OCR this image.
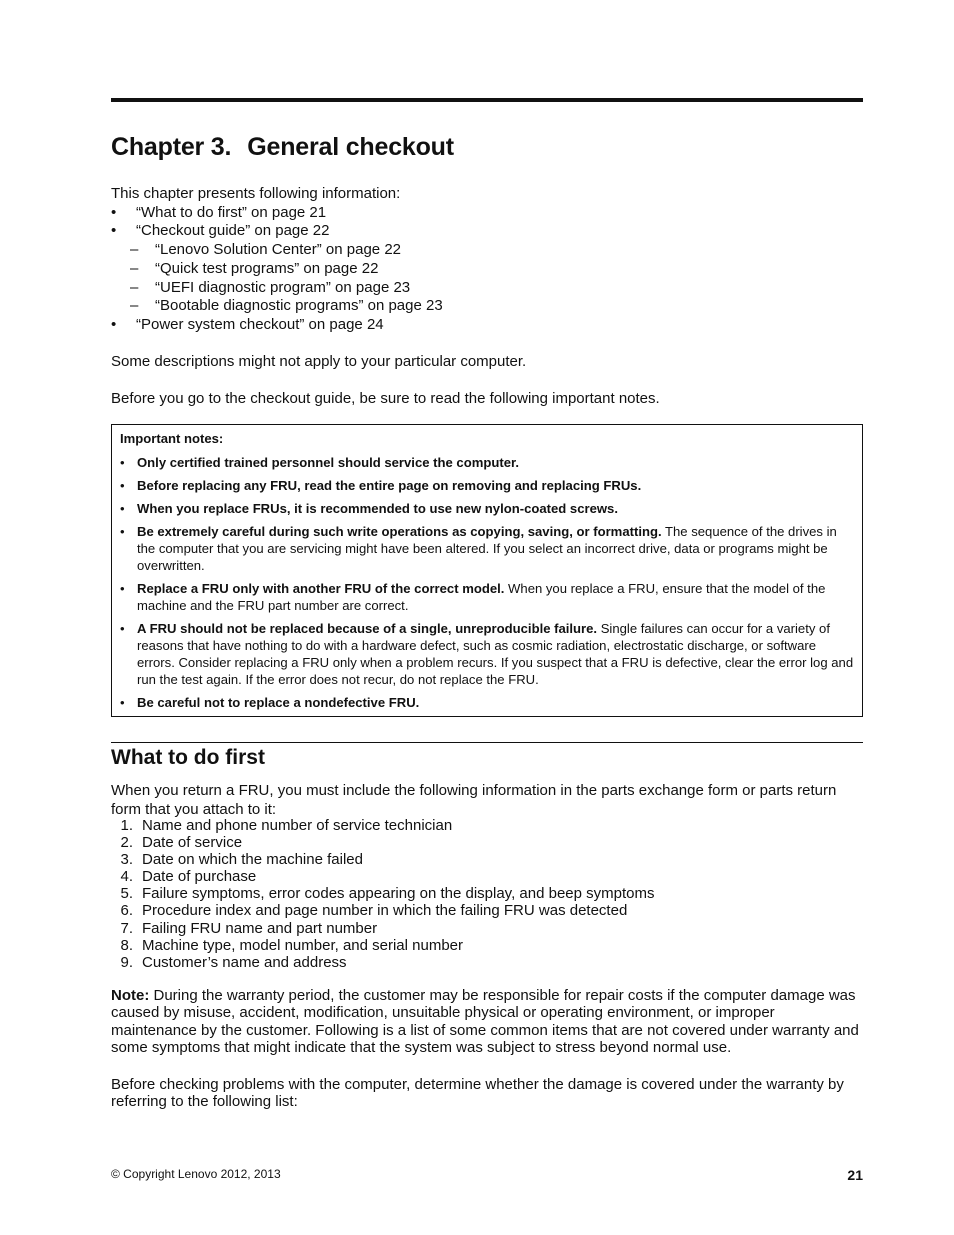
Chapter 3. General checkout

This chapter presents following information:

• “What to do first” on page 21
• “Checkout guide” on page 22
– “Lenovo Solution Center” on page 22
– “Quick test programs” on page 22
– “UEFI diagnostic program” on page 23
– “Bootable diagnostic programs” on page 23
• “Power system checkout” on page 24

Some descriptions might not apply to your particular computer.

Before you go to the checkout guide, be sure to read the following important notes.

Important notes:

• Only certified trained personnel should service the computer.
• Before replacing any FRU, read the entire page on removing and replacing FRUs.
• When you replace FRUs, it is recommended to use new nylon-coated screws.
• Be extremely careful during such write operations as copying, saving, or formatting. The sequence of the drives in the computer that you are servicing might have been altered. If you select an incorrect drive, data or programs might be overwritten.
• Replace a FRU only with another FRU of the correct model. When you replace a FRU, ensure that the model of the machine and the FRU part number are correct.
• A FRU should not be replaced because of a single, unreproducible failure. Single failures can occur for a variety of reasons that have nothing to do with a hardware defect, such as cosmic radiation, electrostatic discharge, or software errors. Consider replacing a FRU only when a problem recurs. If you suspect that a FRU is defective, clear the error log and run the test again. If the error does not recur, do not replace the FRU.
• Be careful not to replace a nondefective FRU.
What to do first

When you return a FRU, you must include the following information in the parts exchange form or parts return form that you attach to it:

1. Name and phone number of service technician
2. Date of service
3. Date on which the machine failed
4. Date of purchase
5. Failure symptoms, error codes appearing on the display, and beep symptoms
6. Procedure index and page number in which the failing FRU was detected
7. Failing FRU name and part number
8. Machine type, model number, and serial number
9. Customer’s name and address

Note: During the warranty period, the customer may be responsible for repair costs if the computer damage was caused by misuse, accident, modification, unsuitable physical or operating environment, or improper maintenance by the customer. Following is a list of some common items that are not covered under warranty and some symptoms that might indicate that the system was subject to stress beyond normal use.

Before checking problems with the computer, determine whether the damage is covered under the warranty by referring to the following list:

© Copyright Lenovo 2012, 2013	21
